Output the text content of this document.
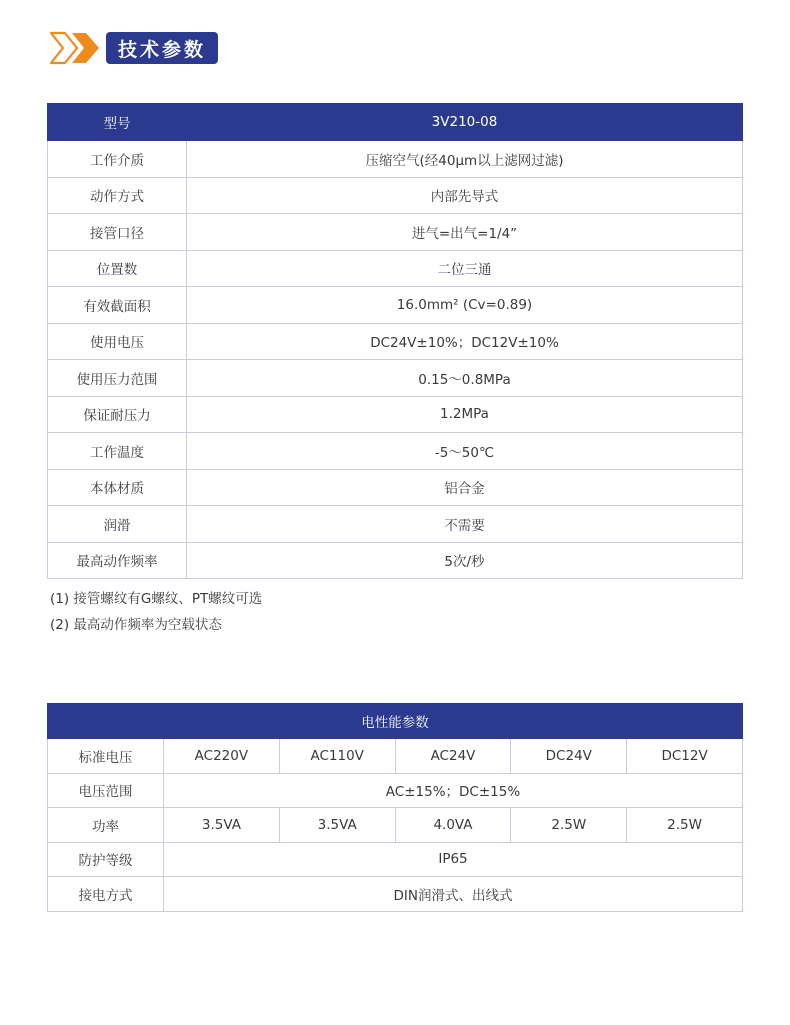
技术参数
型号	3V210-08
工作介质	压缩空气(经40μm以上滤网过滤)
动作方式	内部先导式
接管口径	进气=出气=1/4”
位置数	二位三通
有效截面积	16.0mm² (Cv=0.89)
使用电压	DC24V±10%；DC12V±10%
使用压力范围	0.15～0.8MPa
保证耐压力	1.2MPa
工作温度	-5～50℃
本体材质	铝合金
润滑	不需要
最高动作频率	5次/秒
(1) 接管螺纹有G螺纹、PT螺纹可选
(2) 最高动作频率为空载状态
电性能参数					
标准电压	AC220V	AC110V	AC24V	DC24V	DC12V
电压范围	AC±15%；DC±15%				
功率	3.5VA	3.5VA	4.0VA	2.5W	2.5W
防护等级	IP65				
接电方式	DIN润滑式、出线式				
